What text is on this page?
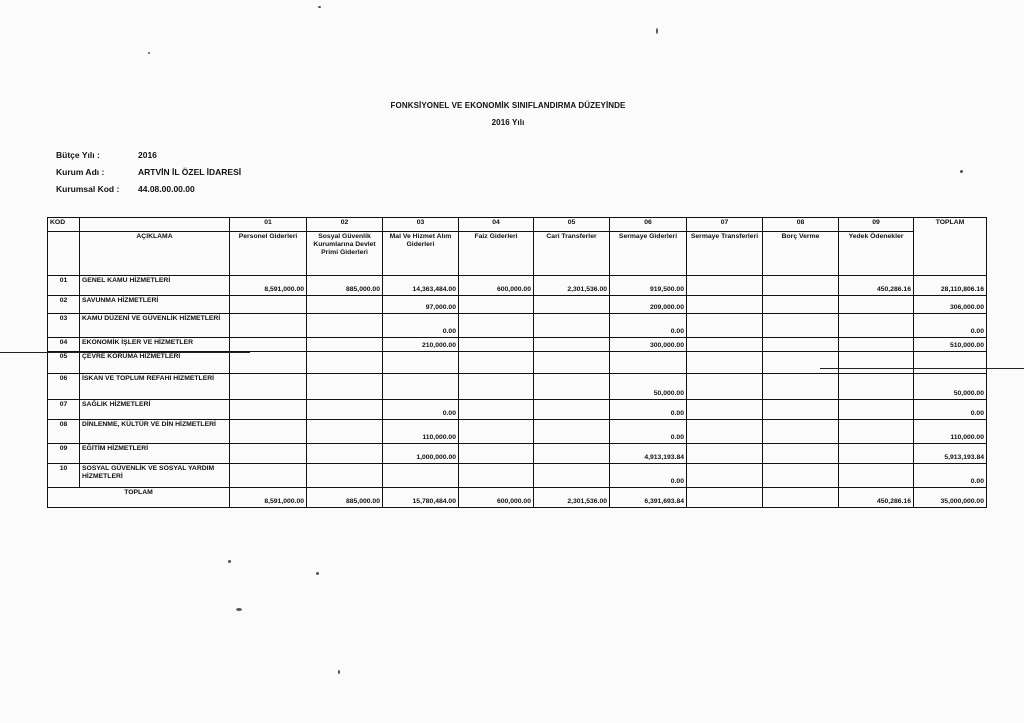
FONKSİYONEL VE EKONOMİK SINIFLANDIRMA DÜZEYİNDE
2016 Yılı
Bütçe Yılı :	2016
Kurum Adı :	ARTVİN İL ÖZEL İDARESİ
Kurumsal Kod : 44.08.00.00.00
KOD		01	02	03	04	05	06	07	08	09	TOPLAM
	AÇIKLAMA	Personel Giderleri	Sosyal Güvenlik Kurumlarına Devlet Primi Giderleri	Mal Ve Hizmet Alım Giderleri	Faiz Giderleri	Cari Transferler	Sermaye Giderleri	Sermaye Transferleri	Borç Verme	Yedek Ödenekler	
01	GENEL KAMU HİZMETLERİ	8,591,000.00	885,000.00	14,363,484.00	600,000.00	2,301,536.00	919,500.00			450,286.16	28,110,806.16
02	SAVUNMA HİZMETLERİ			97,000.00			209,000.00				306,000.00
03	KAMU DÜZENİ VE GÜVENLİK HİZMETLERİ			0.00			0.00				0.00
04	EKONOMİK İŞLER VE HİZMETLER			210,000.00			300,000.00				510,000.00
05	ÇEVRE KORUMA HİZMETLERİ										
06	İSKAN VE TOPLUM REFAHI HİZMETLERİ						50,000.00				50,000.00
07	SAĞLIK HİZMETLERİ			0.00			0.00				0.00
08	DİNLENME, KÜLTÜR VE DİN HİZMETLERİ			110,000.00			0.00				110,000.00
09	EĞİTİM HİZMETLERİ			1,000,000.00			4,913,193.84				5,913,193.84
10	SOSYAL GÜVENLİK VE SOSYAL YARDIM HİZMETLERİ						0.00				0.00
TOPLAM		8,591,000.00	885,000.00	15,780,484.00	600,000.00	2,301,536.00	6,391,693.84			450,286.16	35,000,000.00
